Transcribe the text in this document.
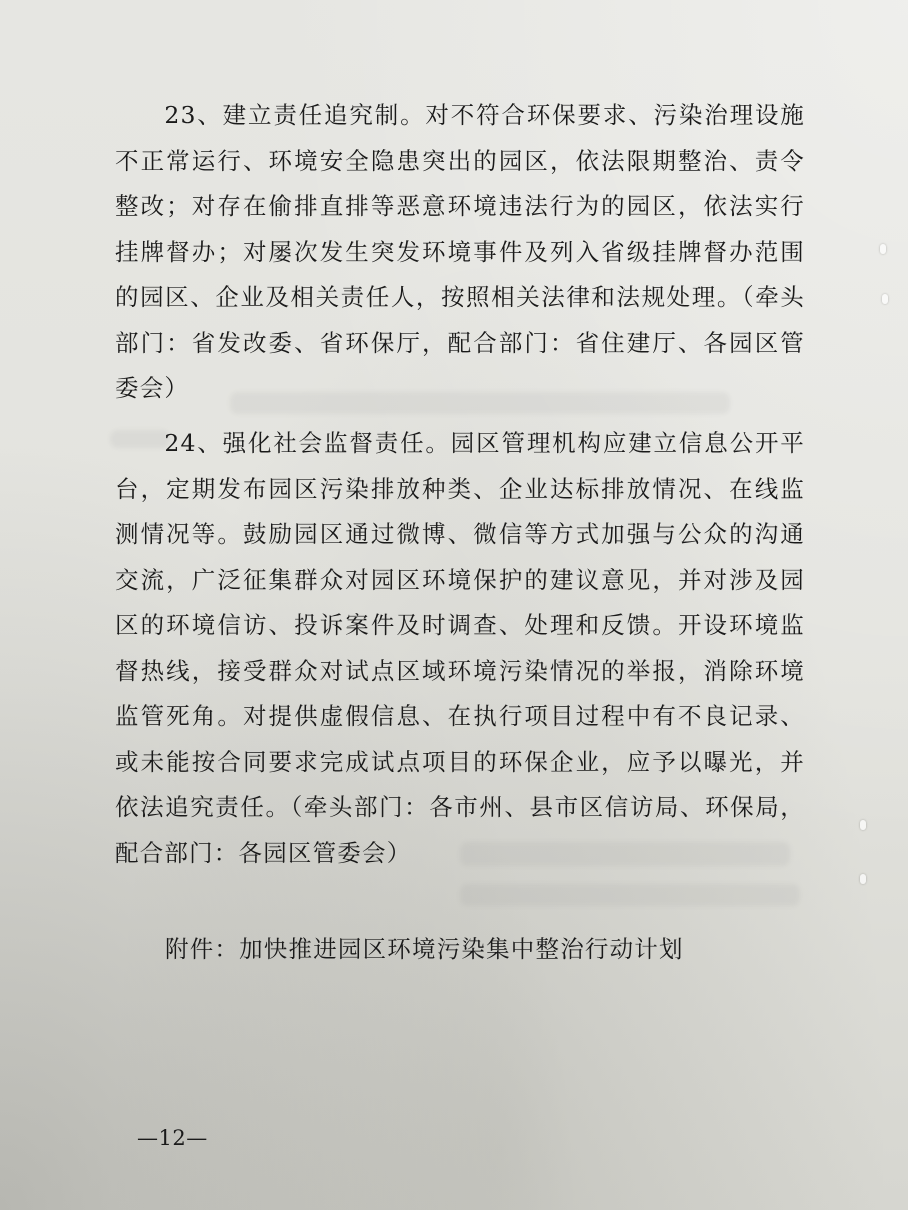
23、建立责任追究制。对不符合环保要求、污染治理设施不正常运行、环境安全隐患突出的园区，依法限期整治、责令整改；对存在偷排直排等恶意环境违法行为的园区，依法实行挂牌督办；对屡次发生突发环境事件及列入省级挂牌督办范围的园区、企业及相关责任人，按照相关法律和法规处理。（牵头部门：省发改委、省环保厅，配合部门：省住建厅、各园区管委会）

24、强化社会监督责任。园区管理机构应建立信息公开平台，定期发布园区污染排放种类、企业达标排放情况、在线监测情况等。鼓励园区通过微博、微信等方式加强与公众的沟通交流，广泛征集群众对园区环境保护的建议意见，并对涉及园区的环境信访、投诉案件及时调查、处理和反馈。开设环境监督热线，接受群众对试点区域环境污染情况的举报，消除环境监管死角。对提供虚假信息、在执行项目过程中有不良记录、或未能按合同要求完成试点项目的环保企业，应予以曝光，并依法追究责任。（牵头部门：各市州、县市区信访局、环保局，配合部门：各园区管委会）

附件：加快推进园区环境污染集中整治行动计划

—12—
